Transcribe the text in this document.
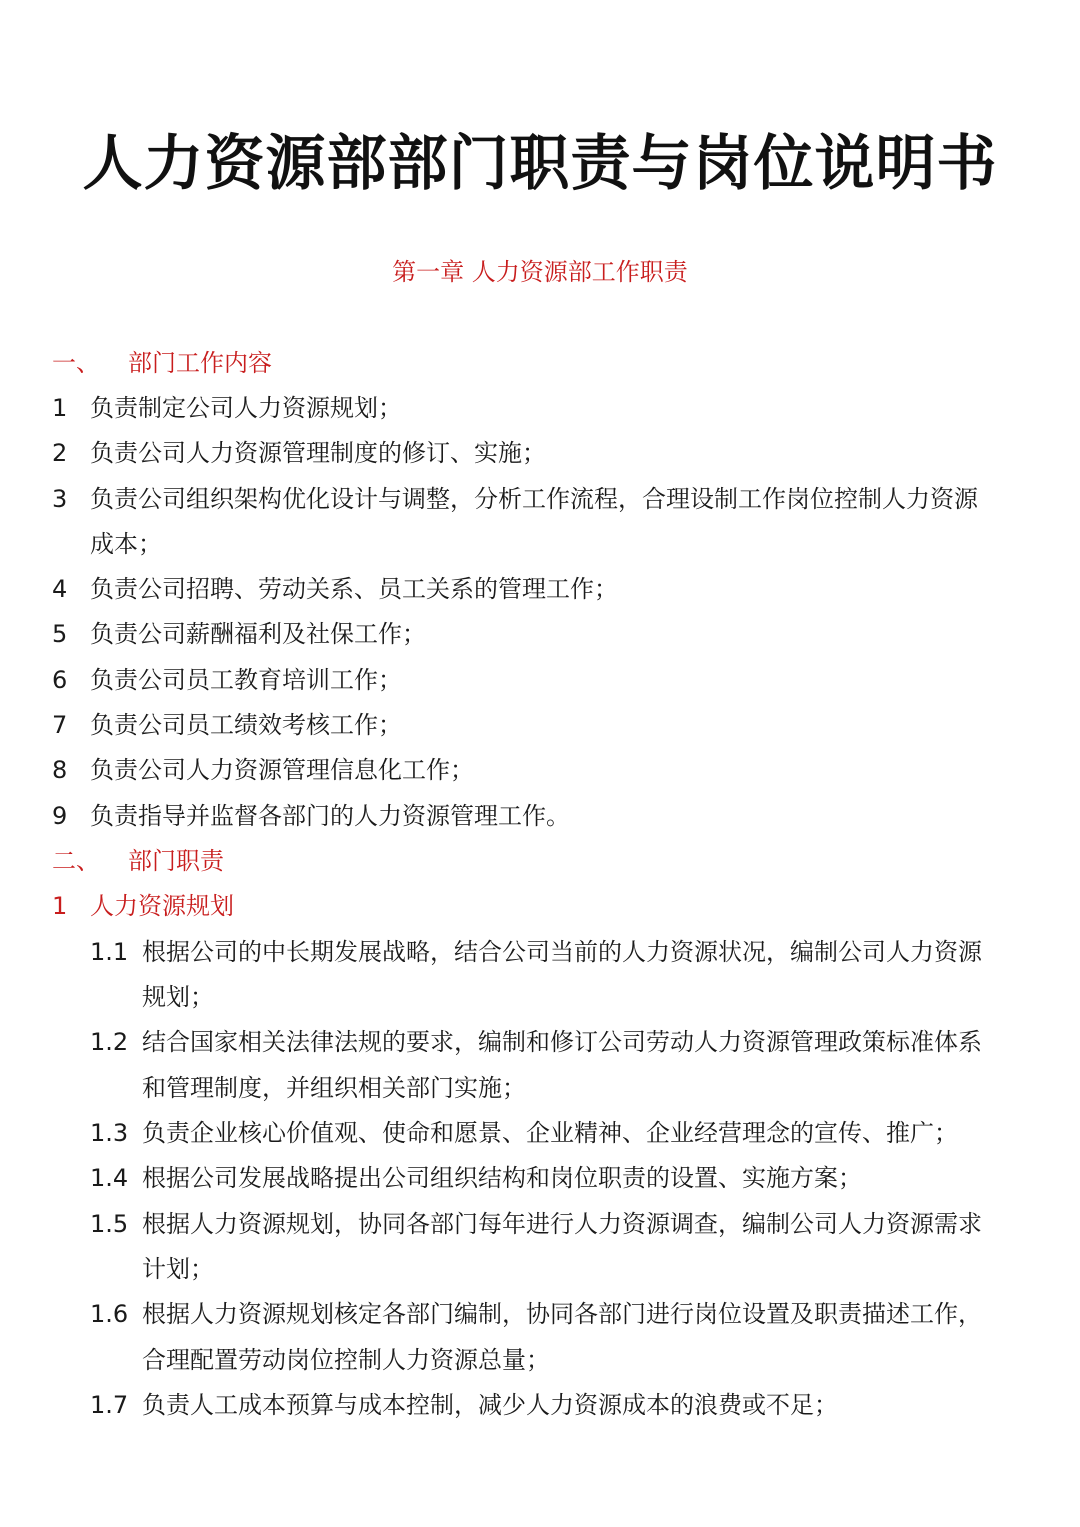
人力资源部部门职责与岗位说明书
第一章 人力资源部工作职责
一、 部门工作内容
1 负责制定公司人力资源规划；
2 负责公司人力资源管理制度的修订、实施；
3 负责公司组织架构优化设计与调整，分析工作流程，合理设制工作岗位控制人力资源
成本；
4 负责公司招聘、劳动关系、员工关系的管理工作；
5 负责公司薪酬福利及社保工作；
6 负责公司员工教育培训工作；
7 负责公司员工绩效考核工作；
8 负责公司人力资源管理信息化工作；
9 负责指导并监督各部门的人力资源管理工作。
二、 部门职责
1 人力资源规划
1.1 根据公司的中长期发展战略，结合公司当前的人力资源状况，编制公司人力资源
规划；
1.2 结合国家相关法律法规的要求，编制和修订公司劳动人力资源管理政策标准体系
和管理制度，并组织相关部门实施；
1.3 负责企业核心价值观、使命和愿景、企业精神、企业经营理念的宣传、推广；
1.4 根据公司发展战略提出公司组织结构和岗位职责的设置、实施方案；
1.5 根据人力资源规划，协同各部门每年进行人力资源调查，编制公司人力资源需求
计划；
1.6 根据人力资源规划核定各部门编制，协同各部门进行岗位设置及职责描述工作，
合理配置劳动岗位控制人力资源总量；
1.7 负责人工成本预算与成本控制，减少人力资源成本的浪费或不足；
